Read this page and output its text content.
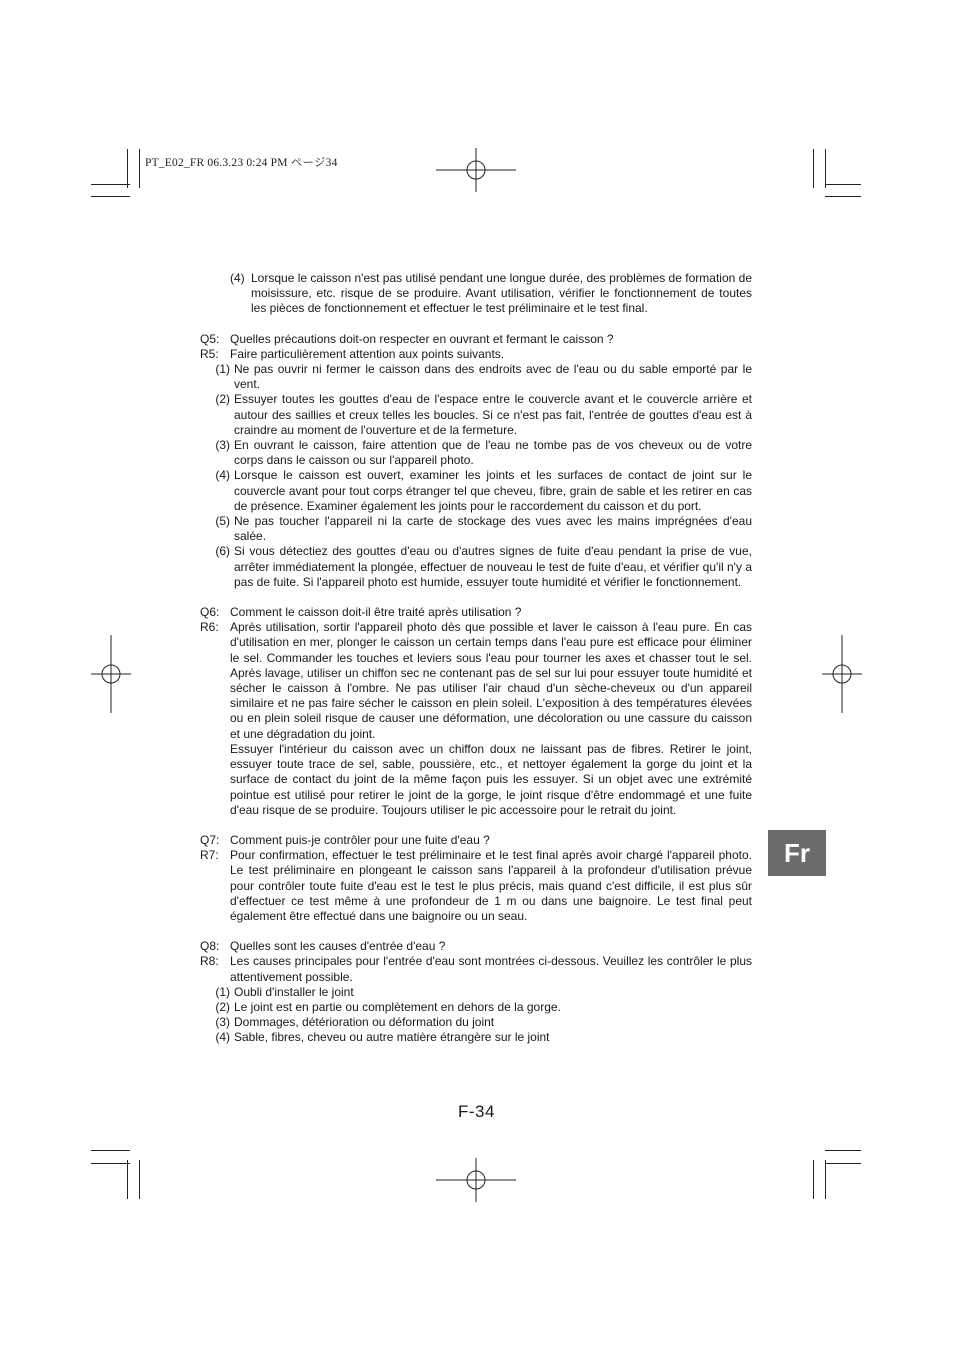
PT_E02_FR 06.3.23 0:24 PM ページ34
(4) Lorsque le caisson n'est pas utilisé pendant une longue durée, des problèmes de formation de moisissure, etc. risque de se produire. Avant utilisation, vérifier le fonctionnement de toutes les pièces de fonctionnement et effectuer le test préliminaire et le test final.
Q5: Quelles précautions doit-on respecter en ouvrant et fermant le caisson ?
R5: Faire particulièrement attention aux points suivants.
(1) Ne pas ouvrir ni fermer le caisson dans des endroits avec de l'eau ou du sable emporté par le vent.
(2) Essuyer toutes les gouttes d'eau de l'espace entre le couvercle avant et le couvercle arrière et autour des saillies et creux telles les boucles. Si ce n'est pas fait, l'entrée de gouttes d'eau est à craindre au moment de l'ouverture et de la fermeture.
(3) En ouvrant le caisson, faire attention que de l'eau ne tombe pas de vos cheveux ou de votre corps dans le caisson ou sur l'appareil photo.
(4) Lorsque le caisson est ouvert, examiner les joints et les surfaces de contact de joint sur le couvercle avant pour tout corps étranger tel que cheveu, fibre, grain de sable et les retirer en cas de présence. Examiner également les joints pour le raccordement du caisson et du port.
(5) Ne pas toucher l'appareil ni la carte de stockage des vues avec les mains imprégnées d'eau salée.
(6) Si vous détectiez des gouttes d'eau ou d'autres signes de fuite d'eau pendant la prise de vue, arrêter immédiatement la plongée, effectuer de nouveau le test de fuite d'eau, et vérifier qu'il n'y a pas de fuite. Si l'appareil photo est humide, essuyer toute humidité et vérifier le fonctionnement.
Q6: Comment le caisson doit-il être traité après utilisation ?
R6: Après utilisation, sortir l'appareil photo dès que possible et laver le caisson à l'eau pure. En cas d'utilisation en mer, plonger le caisson un certain temps dans l'eau pure est efficace pour éliminer le sel. Commander les touches et leviers sous l'eau pour tourner les axes et chasser tout le sel. Après lavage, utiliser un chiffon sec ne contenant pas de sel sur lui pour essuyer toute humidité et sécher le caisson à l'ombre. Ne pas utiliser l'air chaud d'un sèche-cheveux ou d'un appareil similaire et ne pas faire sécher le caisson en plein soleil. L'exposition à des températures élevées ou en plein soleil risque de causer une déformation, une décoloration ou une cassure du caisson et une dégradation du joint.
Essuyer l'intérieur du caisson avec un chiffon doux ne laissant pas de fibres. Retirer le joint, essuyer toute trace de sel, sable, poussière, etc., et nettoyer également la gorge du joint et la surface de contact du joint de la même façon puis les essuyer. Si un objet avec une extrémité pointue est utilisé pour retirer le joint de la gorge, le joint risque d'être endommagé et une fuite d'eau risque de se produire. Toujours utiliser le pic accessoire pour le retrait du joint.
Q7: Comment puis-je contrôler pour une fuite d'eau ?
R7: Pour confirmation, effectuer le test préliminaire et le test final après avoir chargé l'appareil photo. Le test préliminaire en plongeant le caisson sans l'appareil à la profondeur d'utilisation prévue pour contrôler toute fuite d'eau est le test le plus précis, mais quand c'est difficile, il est plus sûr d'effectuer ce test même à une profondeur de 1 m ou dans une baignoire. Le test final peut également être effectué dans une baignoire ou un seau.
Q8: Quelles sont les causes d'entrée d'eau ?
R8: Les causes principales pour l'entrée d'eau sont montrées ci-dessous. Veuillez les contrôler le plus attentivement possible.
(1) Oubli d'installer le joint
(2) Le joint est en partie ou complètement en dehors de la gorge.
(3) Dommages, détérioration ou déformation du joint
(4) Sable, fibres, cheveu ou autre matière étrangère sur le joint
F-34
Fr
